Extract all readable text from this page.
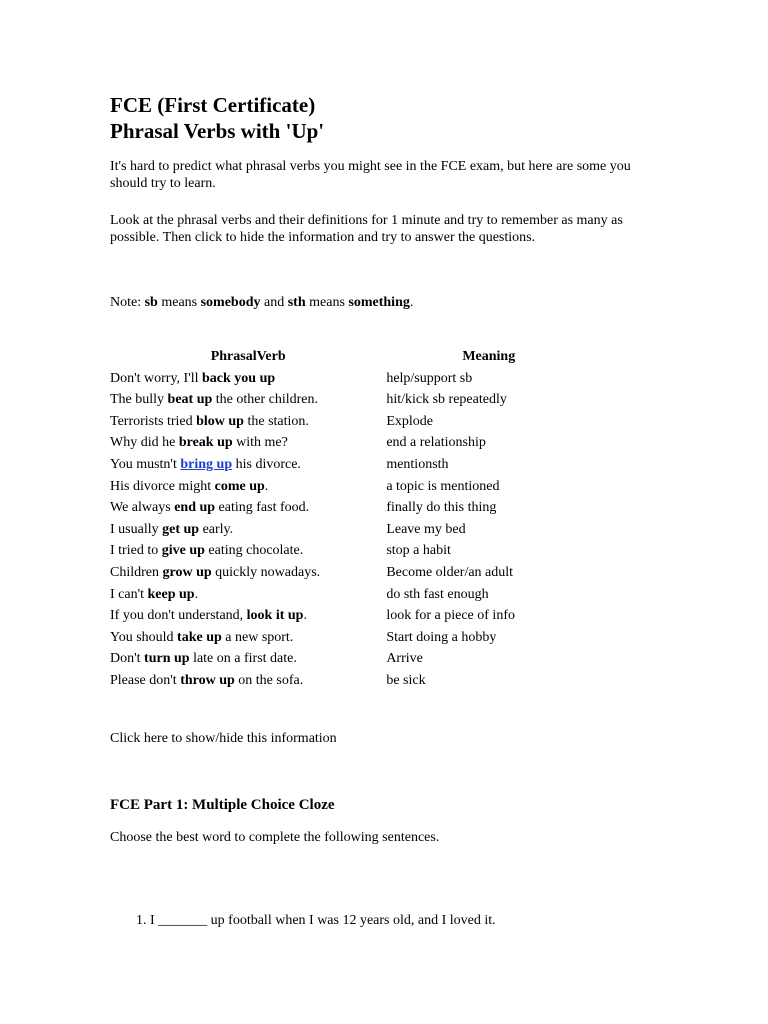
FCE (First Certificate)
Phrasal Verbs with 'Up'

It's hard to predict what phrasal verbs you might see in the FCE exam, but here are some you should try to learn.

Look at the phrasal verbs and their definitions for 1 minute and try to remember as many as possible. Then click to hide the information and try to answer the questions.

Note: sb means somebody and sth means something.

PhrasalVerb	Meaning
Don't worry, I'll back you up	help/support sb
The bully beat up the other children.	hit/kick sb repeatedly
Terrorists tried blow up the station.	Explode
Why did he break up with me?	end a relationship
You mustn't bring up his divorce.	mentionsth
His divorce might come up.	a topic is mentioned
We always end up eating fast food.	finally do this thing
I usually get up early.	Leave my bed
I tried to give up eating chocolate.	stop a habit
Children grow up quickly nowadays.	Become older/an adult
I can't keep up.	do sth fast enough
If you don't understand, look it up.	look for a piece of info
You should take up a new sport.	Start doing a hobby
Don't turn up late on a first date.	Arrive
Please don't throw up on the sofa.	be sick

Click here to show/hide this information

FCE Part 1: Multiple Choice Cloze

Choose the best word to complete the following sentences.

1. I _______ up football when I was 12 years old, and I loved it.
